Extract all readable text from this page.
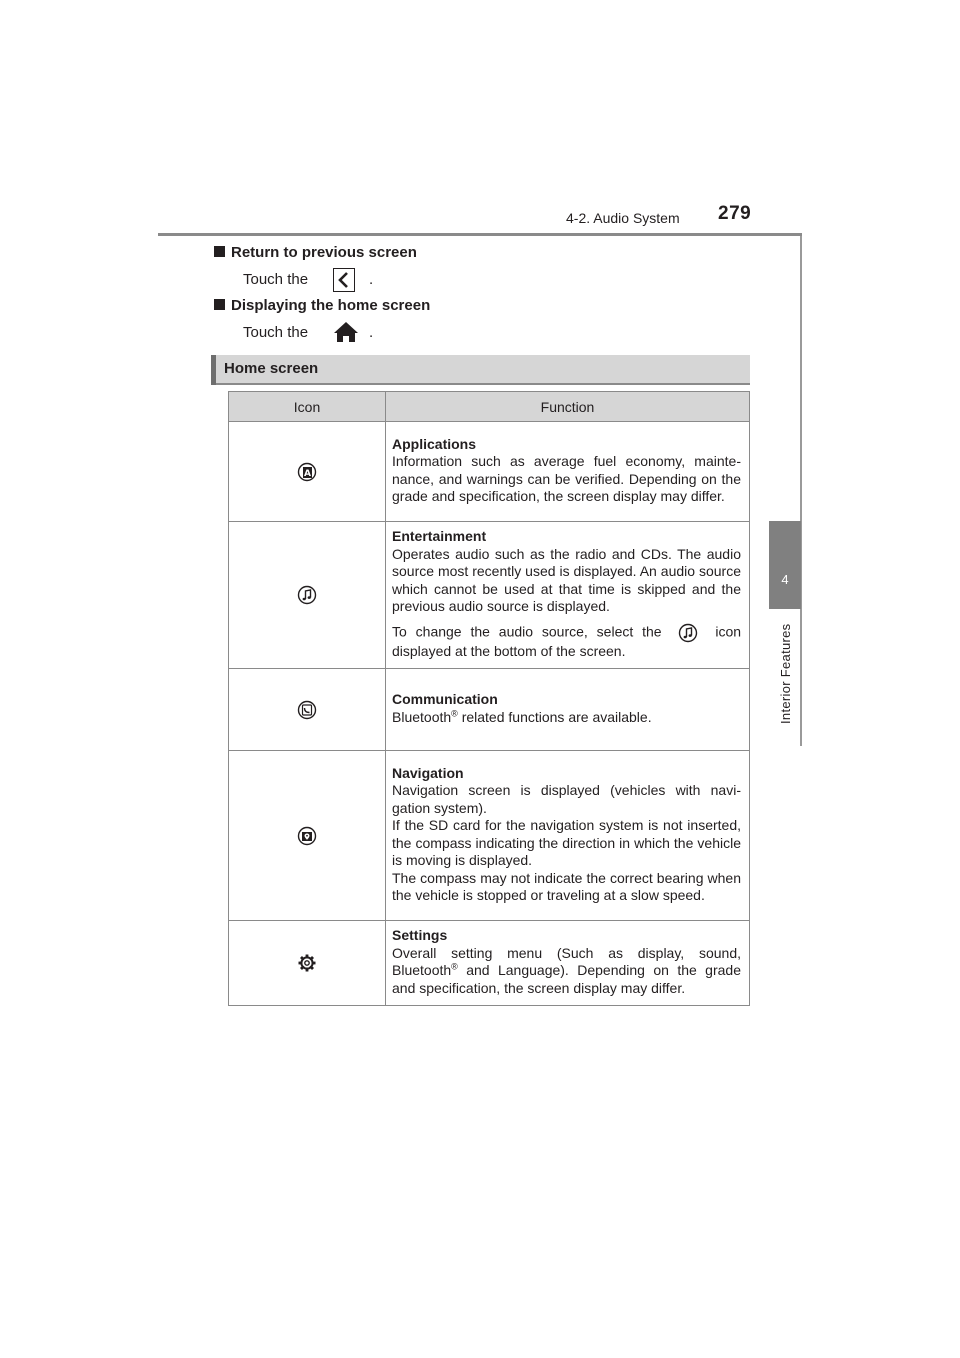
4-2. Audio System 279
4
Interior Features
Return to previous screen
Touch the	.
Displaying the home screen
Touch the	.
Home screen
Icon	Function

A	Applications
Information such as average fuel economy, mainte-nance, and warnings can be verified. Depending on the grade and specification, the screen display may differ.

Entertainment
Operates audio such as the radio and CDs. The audio source most recently used is displayed. An audio source which cannot be used at that time is skipped and the previous audio source is displayed.
To change the audio source, select the icon displayed at the bottom of the screen.

Communication
Bluetooth® related functions are available.

Navigation
Navigation screen is displayed (vehicles with navi-gation system).
If the SD card for the navigation system is not inserted, the compass indicating the direction in which the vehicle is moving is displayed.
The compass may not indicate the correct bearing when the vehicle is stopped or traveling at a slow speed.

Settings
Overall setting menu (Such as display, sound, Bluetooth® and Language). Depending on the grade and specification, the screen display may differ.
